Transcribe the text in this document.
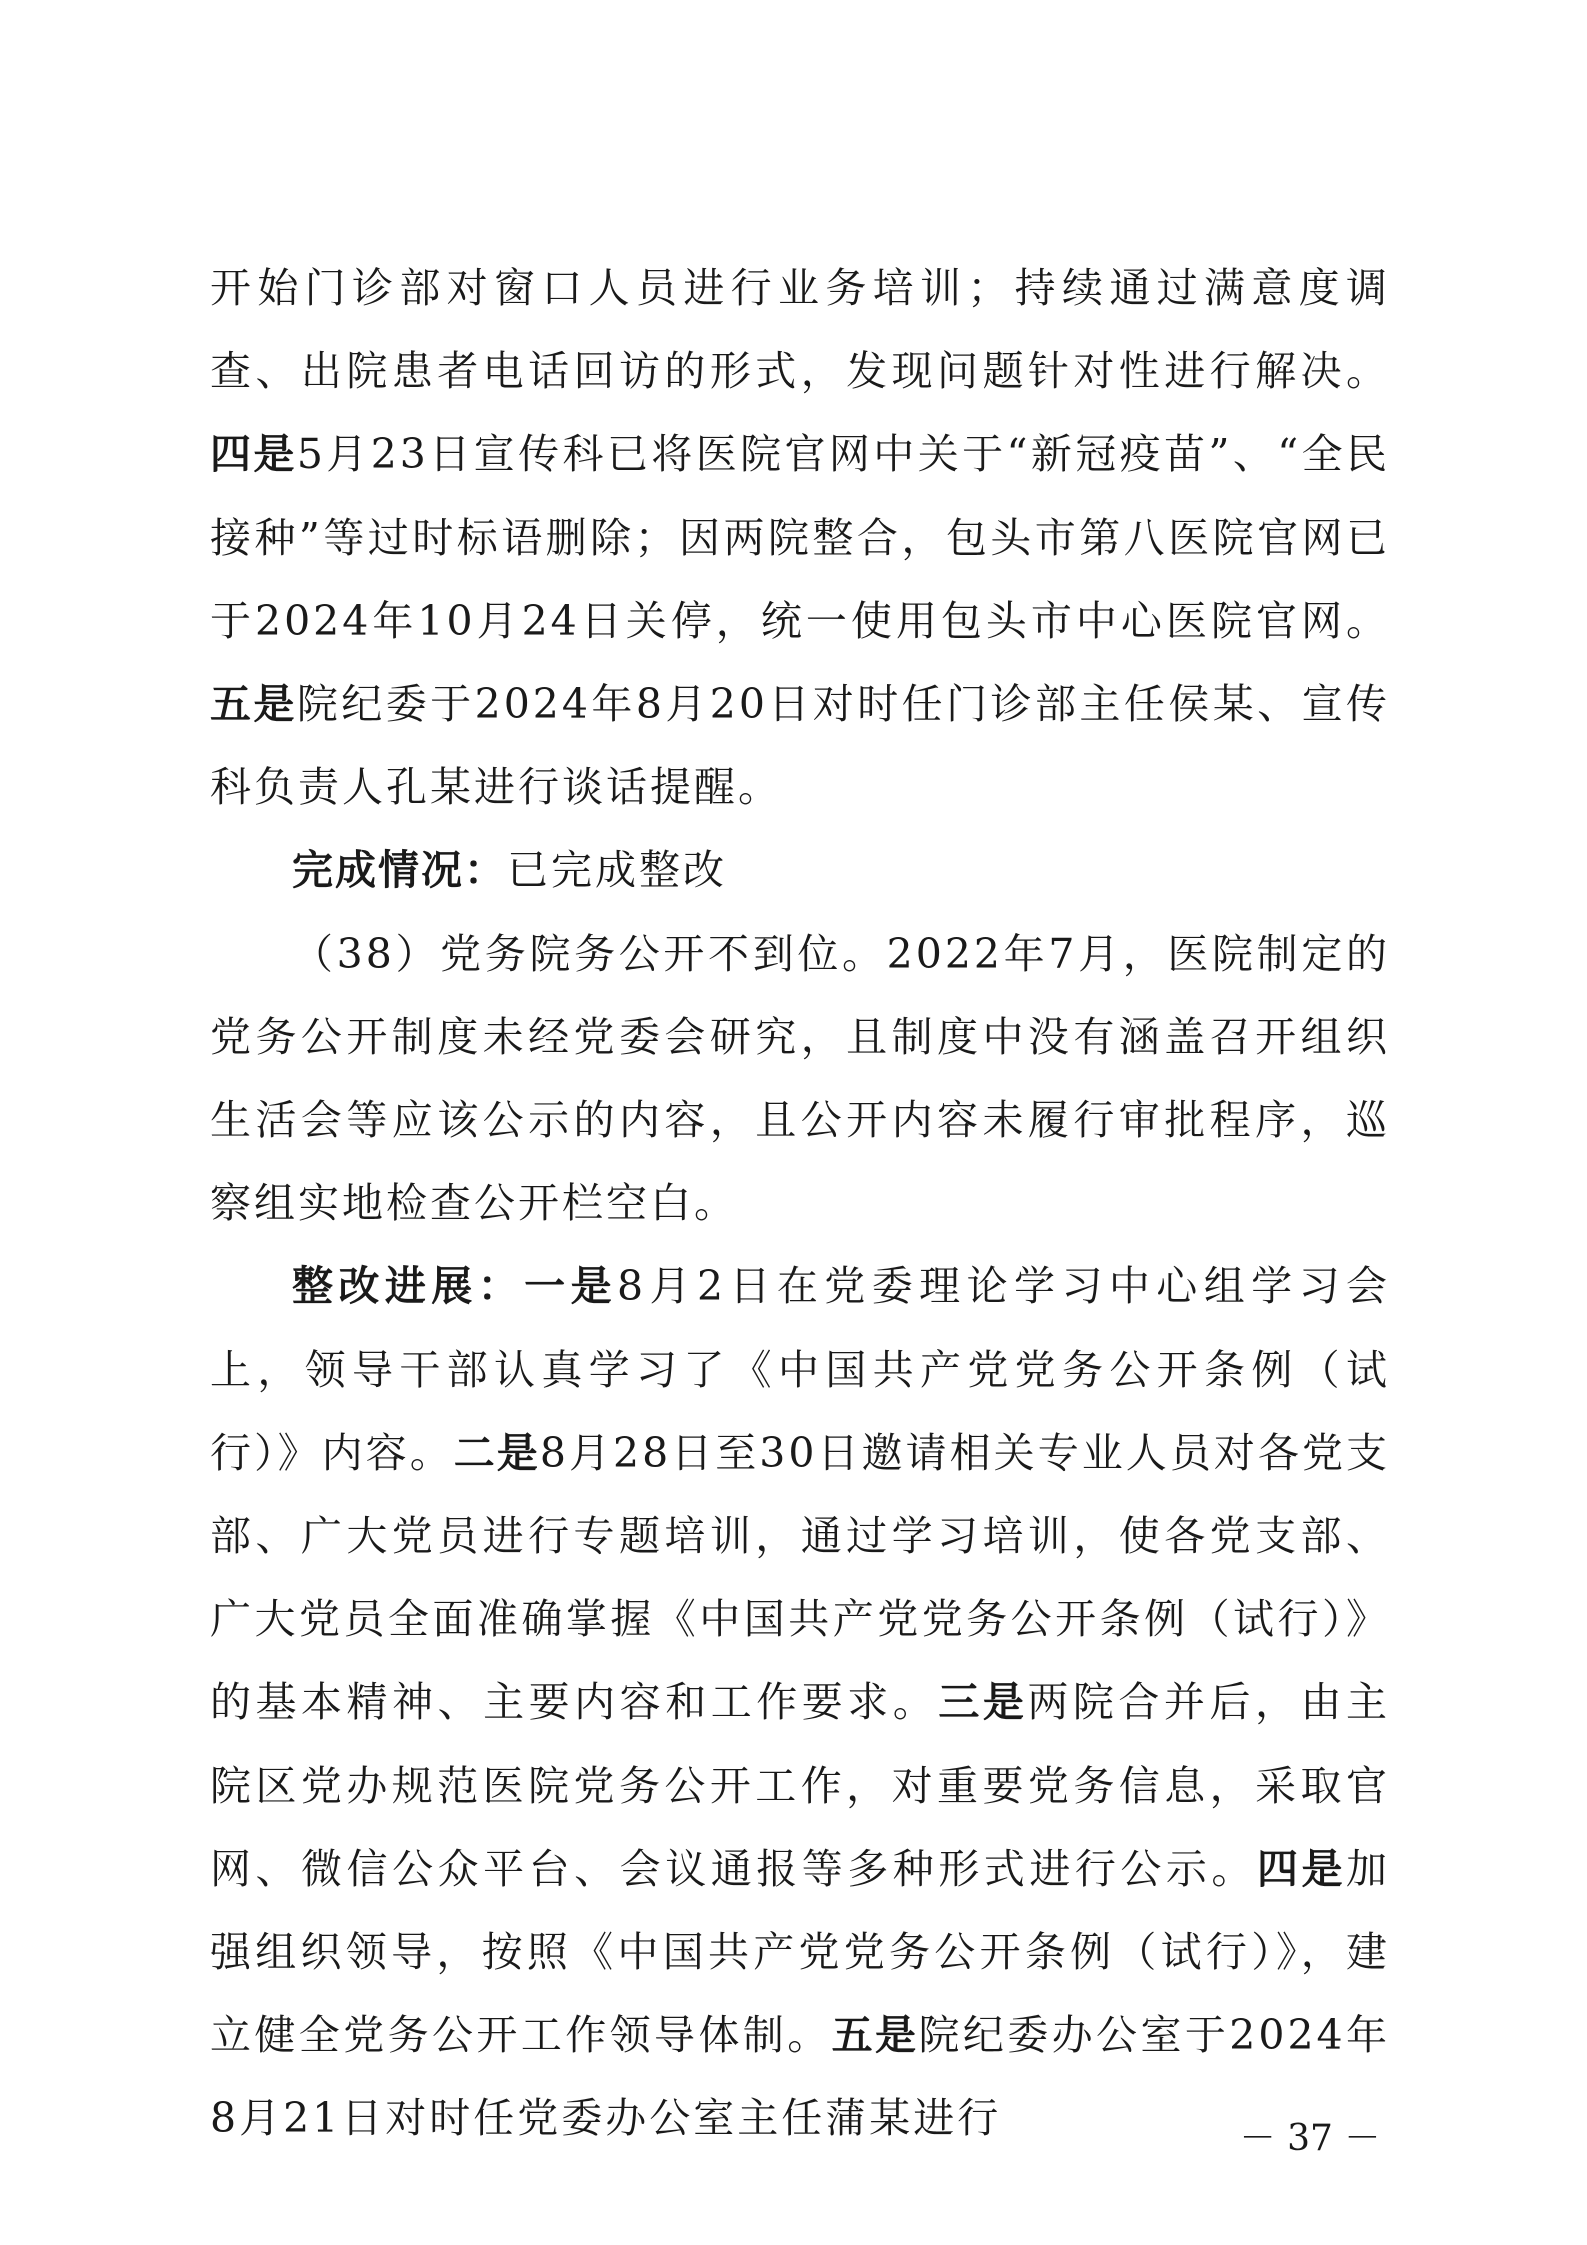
开始门诊部对窗口人员进行业务培训；持续通过满意度调查、出院患者电话回访的形式，发现问题针对性进行解决。四是5月23日宣传科已将医院官网中关于“新冠疫苗”、“全民接种”等过时标语删除；因两院整合，包头市第八医院官网已于2024年10月24日关停，统一使用包头市中心医院官网。五是院纪委于2024年8月20日对时任门诊部主任侯某、宣传科负责人孔某进行谈话提醒。

完成情况：已完成整改

（38）党务院务公开不到位。2022年7月，医院制定的党务公开制度未经党委会研究，且制度中没有涵盖召开组织生活会等应该公示的内容，且公开内容未履行审批程序，巡察组实地检查公开栏空白。

整改进展：一是8月2日在党委理论学习中心组学习会上，领导干部认真学习了《中国共产党党务公开条例（试行）》内容。二是8月28日至30日邀请相关专业人员对各党支部、广大党员进行专题培训，通过学习培训，使各党支部、广大党员全面准确掌握《中国共产党党务公开条例（试行）》的基本精神、主要内容和工作要求。三是两院合并后，由主院区党办规范医院党务公开工作，对重要党务信息，采取官网、微信公众平台、会议通报等多种形式进行公示。四是加强组织领导，按照《中国共产党党务公开条例（试行）》，建立健全党务公开工作领导体制。五是院纪委办公室于2024年8月21日对时任党委办公室主任蒲某进行	－ 37 －
